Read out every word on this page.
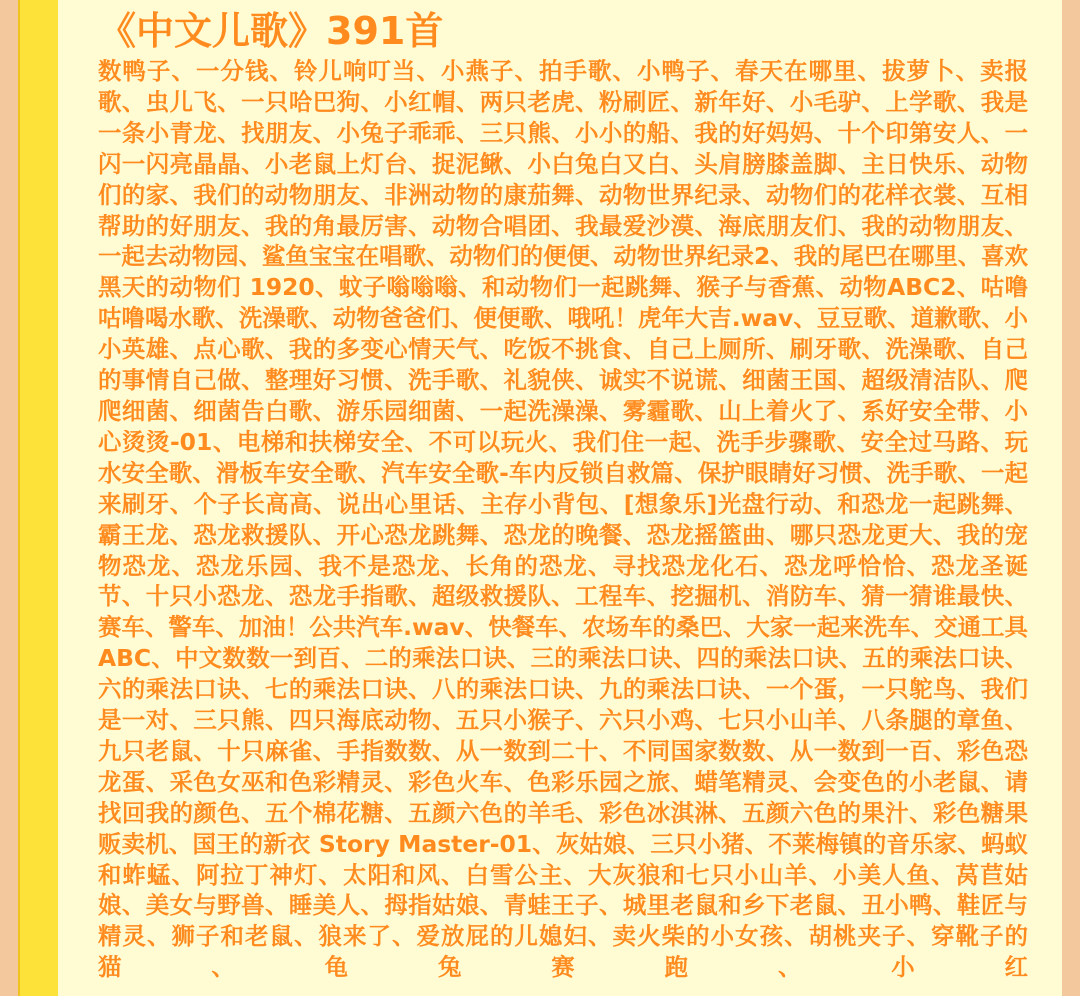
《中文儿歌》391首

数鸭子、一分钱、铃儿响叮当、小燕子、拍手歌、小鸭子、春天在哪里、拔萝卜、卖报歌、虫儿飞、一只哈巴狗、小红帽、两只老虎、粉刷匠、新年好、小毛驴、上学歌、我是一条小青龙、找朋友、小兔子乖乖、三只熊、小小的船、我的好妈妈、十个印第安人、一闪一闪亮晶晶、小老鼠上灯台、捉泥鳅、小白兔白又白、头肩膀膝盖脚、主日快乐、动物们的家、我们的动物朋友、非洲动物的康茄舞、动物世界纪录、动物们的花样衣裳、互相帮助的好朋友、我的角最厉害、动物合唱团、我最爱沙漠、海底朋友们、我的动物朋友、一起去动物园、鲨鱼宝宝在唱歌、动物们的便便、动物世界纪录2、我的尾巴在哪里、喜欢黑天的动物们 1920、蚊子嗡嗡嗡、和动物们一起跳舞、猴子与香蕉、动物ABC2、咕噜咕噜喝水歌、洗澡歌、动物爸爸们、便便歌、哦吼！虎年大吉.wav、豆豆歌、道歉歌、小小英雄、点心歌、我的多变心情天气、吃饭不挑食、自己上厕所、刷牙歌、洗澡歌、自己的事情自己做、整理好习惯、洗手歌、礼貌侠、诚实不说谎、细菌王国、超级清洁队、爬爬细菌、细菌告白歌、游乐园细菌、一起洗澡澡、雾霾歌、山上着火了、系好安全带、小心烫烫-01、电梯和扶梯安全、不可以玩火、我们住一起、洗手步骤歌、安全过马路、玩水安全歌、滑板车安全歌、汽车安全歌-车内反锁自救篇、保护眼睛好习惯、洗手歌、一起来刷牙、个子长高高、说出心里话、主存小背包、[想象乐]光盘行动、和恐龙一起跳舞、霸王龙、恐龙救援队、开心恐龙跳舞、恐龙的晚餐、恐龙摇篮曲、哪只恐龙更大、我的宠物恐龙、恐龙乐园、我不是恐龙、长角的恐龙、寻找恐龙化石、恐龙呼恰恰、恐龙圣诞节、十只小恐龙、恐龙手指歌、超级救援队、工程车、挖掘机、消防车、猜一猜谁最快、赛车、警车、加油！公共汽车.wav、快餐车、农场车的桑巴、大家一起来洗车、交通工具ABC、中文数数一到百、二的乘法口诀、三的乘法口诀、四的乘法口诀、五的乘法口诀、六的乘法口诀、七的乘法口诀、八的乘法口诀、九的乘法口诀、一个蛋，一只鸵鸟、我们是一对、三只熊、四只海底动物、五只小猴子、六只小鸡、七只小山羊、八条腿的章鱼、九只老鼠、十只麻雀、手指数数、从一数到二十、不同国家数数、从一数到一百、彩色恐龙蛋、采色女巫和色彩精灵、彩色火车、色彩乐园之旅、蜡笔精灵、会变色的小老鼠、请找回我的颜色、五个棉花糖、五颜六色的羊毛、彩色冰淇淋、五颜六色的果汁、彩色糖果贩卖机、国王的新衣 Story Master-01、灰姑娘、三只小猪、不莱梅镇的音乐家、蚂蚁和蚱蜢、阿拉丁神灯、太阳和风、白雪公主、大灰狼和七只小山羊、小美人鱼、莴苣姑娘、美女与野兽、睡美人、拇指姑娘、青蛙王子、城里老鼠和乡下老鼠、丑小鸭、鞋匠与精灵、狮子和老鼠、狼来了、爱放屁的儿媳妇、卖火柴的小女孩、胡桃夹子、穿靴子的猫、龟兔赛跑、小红
